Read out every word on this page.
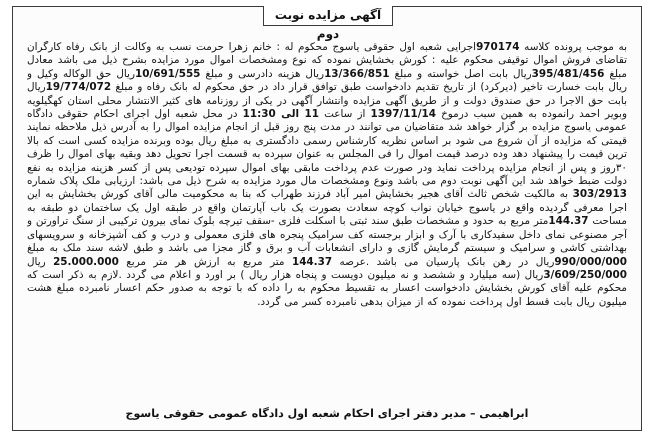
آگهی مزایده نوبت دوم
به موجب پرونده کلاسه 970174اجرایی شعبه اول حقوقی یاسوج محکوم له : خانم زهرا حرمت نسب به وکالت از بانک رفاه کارگران تقاضای فروش اموال توقیفی محکوم علیه : کورش بخشایش نموده که نوع ومشخصات اموال مورد مزایده بشرح ذیل می باشد معادل مبلغ 395/481/456ریال بابت اصل خواسته و مبلغ 13/366/851ریال هزینه دادرسی و مبلغ 10/691/555ریال حق الوکاله وکیل و ریال بابت خسارت تاخیر (دیرکرد) از تاریخ تقدیم دادخواست طبق توافق قرار داد در حق محکوم له بانک رفاه و مبلغ 19/774/072ریال بابت حق الاجرا در حق صندوق دولت و از طریق آگهی مزایده وانتشار آگهی در یکی از روزنامه های کثیر الانتشار محلی استان کهگیلویه وبویر احمد رانموده به همین سبب درموخ 1397/11/14 از ساعت 11 الی 11:30 در محل شعبه اول اجرای احکام حقوقی دادگاه عمومی یاسوج مزایده بر گزار خواهد شد متقاضیان می توانند در مدت پنج روز قبل از انجام مزایده اموال را به آدرس ذیل ملاحظه نمایند قیمتی که مزایده از آن شروع می شود بر اساس نظریه کارشناس رسمی دادگستری به مبلغ ریال بوده وبرنده مزایده کسی است که بالا ترین قیمت را پیشنهاد دهد وده درصد قیمت اموال را فی المجلس به عنوان سپرده به قسمت اجرا تحویل دهد وبقیه بهای اموال را ظرف ۳۰روز و پس از انجام مزایده پرداخت نماید ودر صورت عدم پرداخت مابقی بهای اموال سپرده تودیعی پس از کسر هزینه مزایده به نفع دولت ضبط خواهد شد این آگهی نوبت دوم می باشد ونوع ومشخصات مال مورد مزایده به شرح ذیل می باشد: ارزیابی ملک پلاک شماره 303/2913 به مالکیت شخص ثالث آقای هجیر بخشایش امیر آباد فرزند طهراب که بنا به محکومیت مالی آقای کورش بخشایش به این اجرا معرفی گردیده واقع در یاسوج خیابان نواب کوچه سعادت بصورت یک باب آپارتمان واقع در طبقه اول یک ساختمان دو طبقه به مساحت 144.37متر مربع به حدود و مشخصات طبق سند ثبتی با اسکلت فلزی -سقف تیرچه بلوک نمای بیرون ترکیبی از سنگ تراورتن و آجر مصنوعی نمای داخل سفیدکاری با آرک و ابزار برجسته کف سرامیک پنجره های فلزی معمولی و درب و کف آشپزخانه و سرویسهای بهداشتی کاشی و سرامیک و سیستم گرمایش گازی و دارای انشعابات آب و برق و گاز مجزا می باشد و طبق لاشه سند ملک به مبلغ 990/000/000ریال در رهن بانک پارسیان می باشد .عرصه 144.37 متر مربع به ارزش هر متر مربع 25.000.000 ریال 3/609/250/000ریال (سه میلیارد و ششصد و نه میلیون دویست و پنجاه هزار ریال ) بر اورد و اعلام می گردد .لازم به ذکر است که محکوم علیه آقای کورش بخشایش دادخواست اعسار به تقسیط محکوم به را داده که با توجه به صدور حکم اعسار نامبرده مبلغ هشت میلیون ریال بابت قسط اول پرداخت نموده که از میزان بدهی نامبرده کسر می گردد.
ابراهیمی – مدیر دفتر اجرای احکام شعبه اول دادگاه عمومی حقوقی یاسوج
